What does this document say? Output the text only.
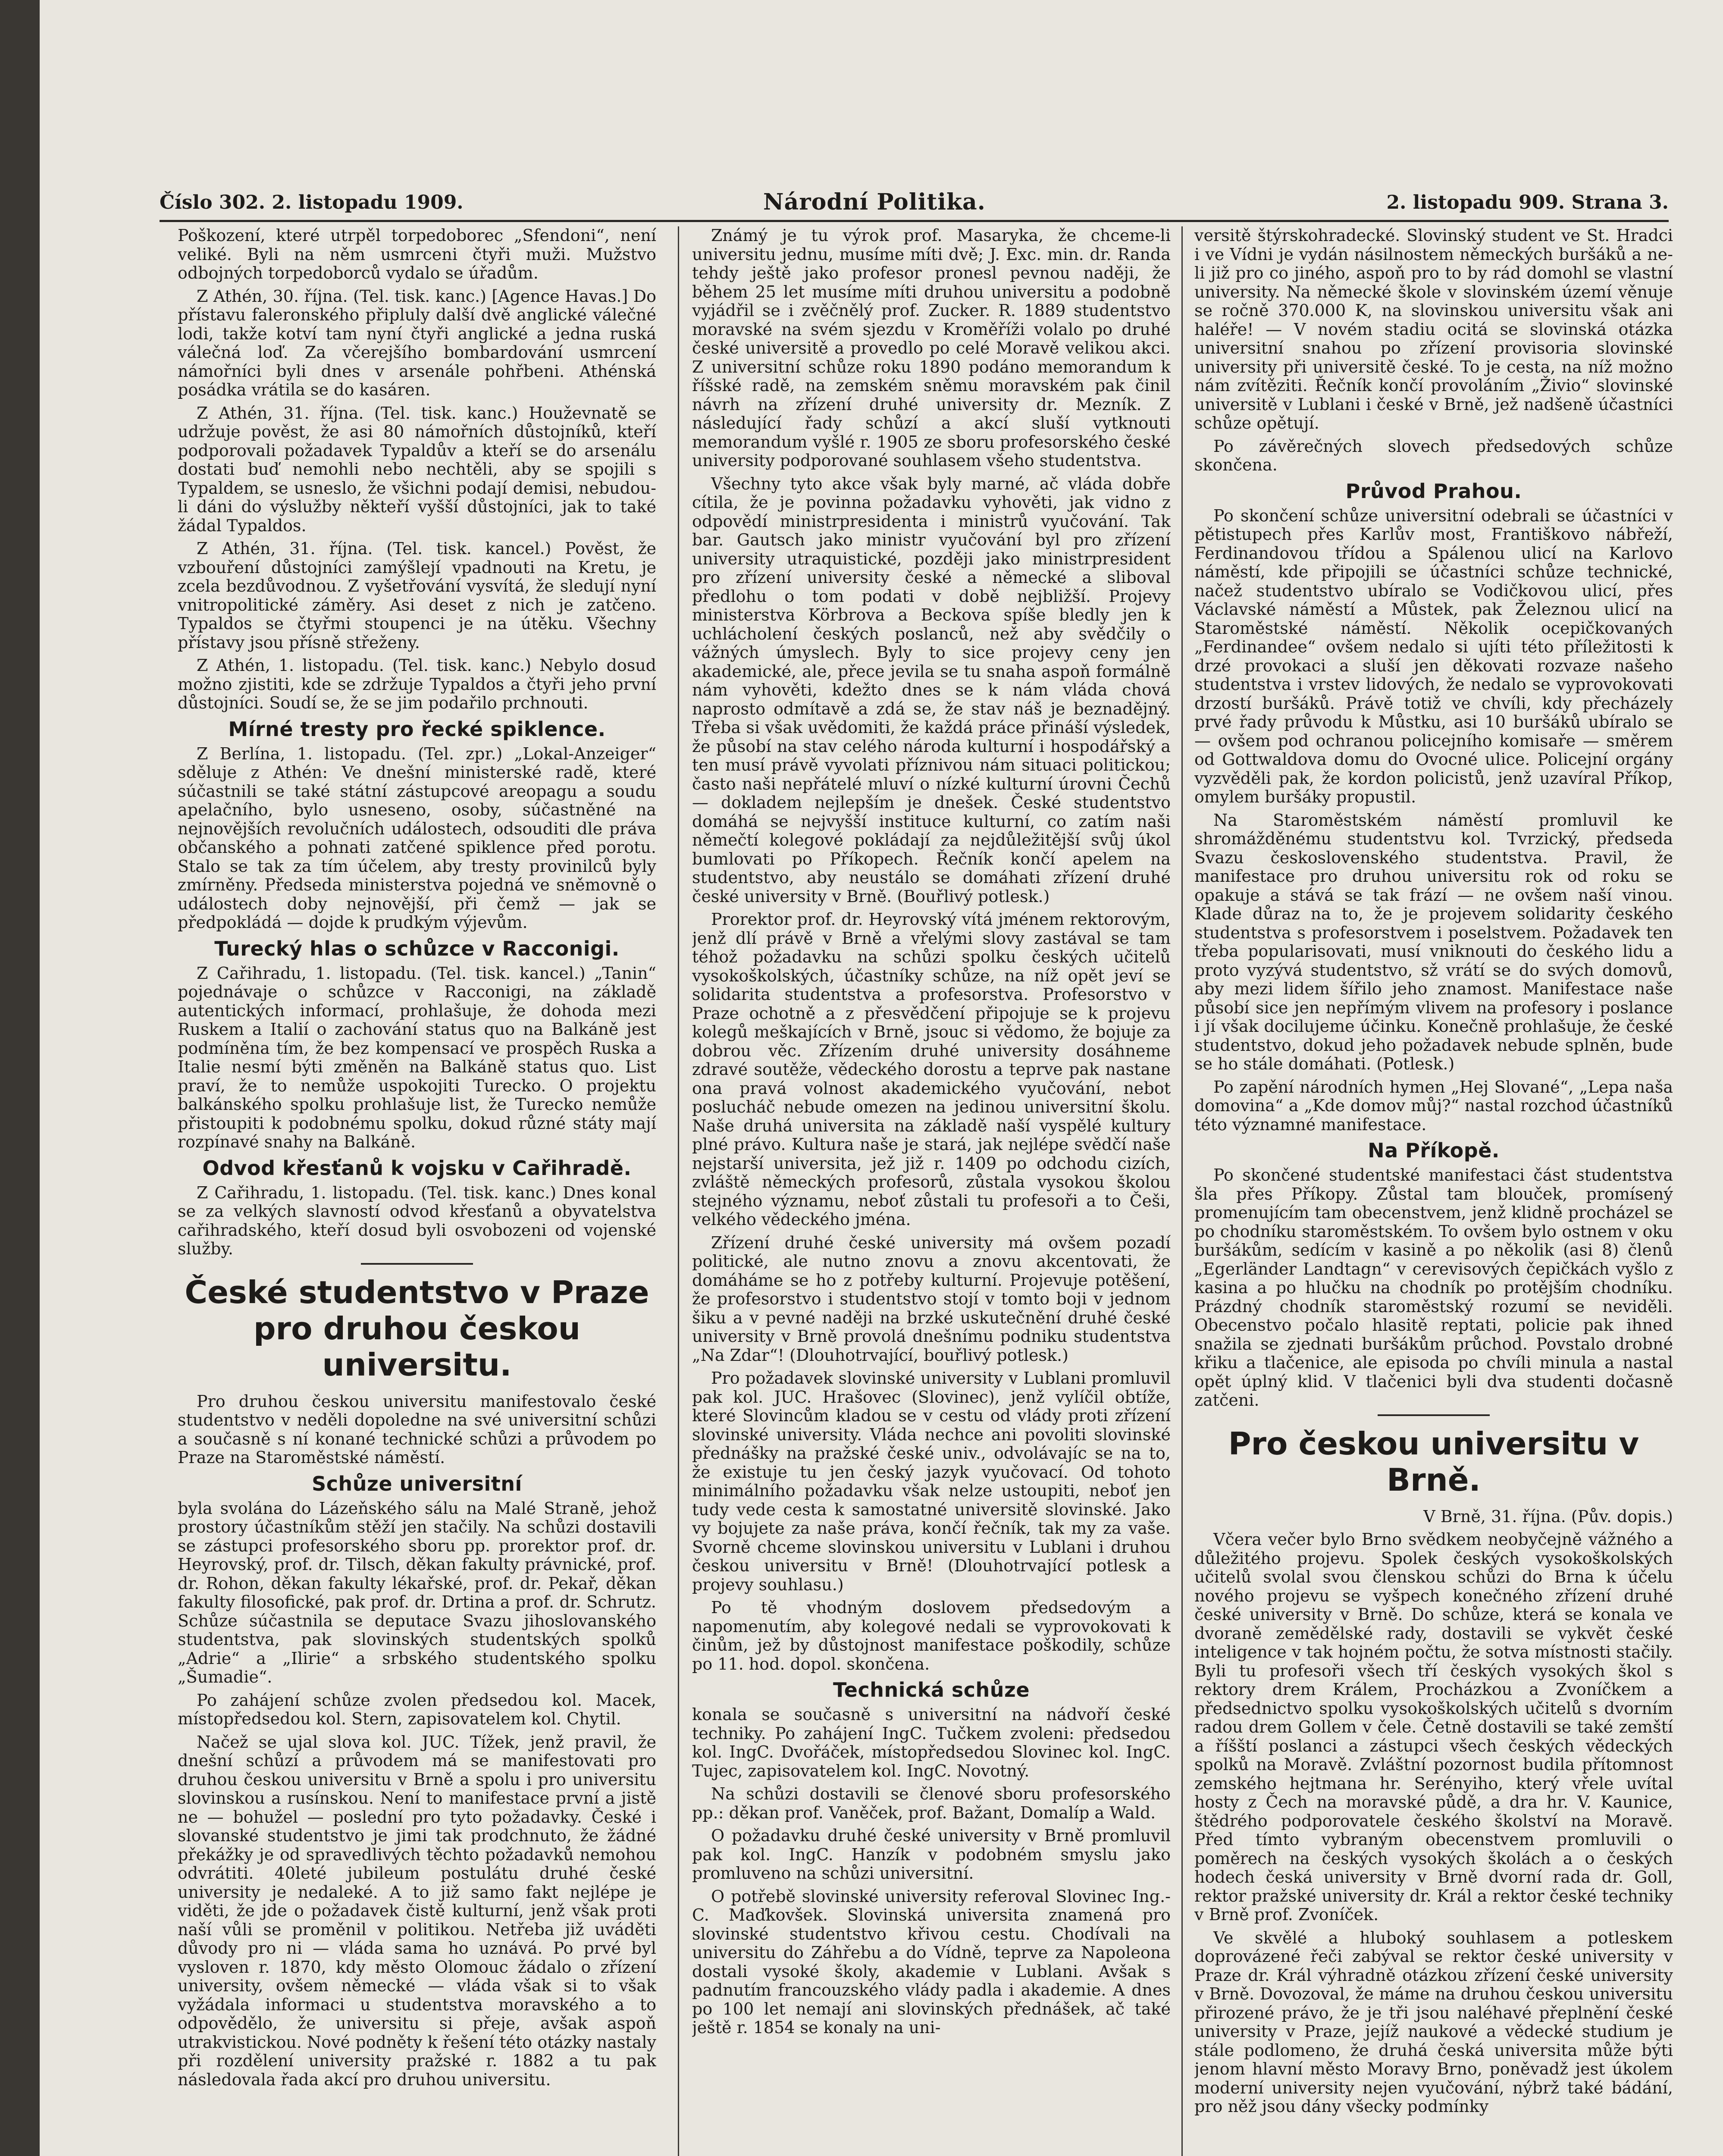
Číslo 302. 2. listopadu 1909.	Národní Politika.	2. listopadu 909. Strana 3.

Poškození, které utrpěl torpedoborec „Sfendoni“, není veliké. Byli na něm usmrceni čtyři muži. Mužstvo odbojných torpedoborců vydalo se úřadům.

Z Athén, 30. října. (Tel. tisk. kanc.) [Agence Havas.] Do přístavu faleronského připluly další dvě anglické válečné lodi, takže kotví tam nyní čtyři anglické a jedna ruská válečná loď. Za včerejšího bombardování usmrcení námořníci byli dnes v arsenále pohřbeni. Athénská posádka vrátila se do kasáren.

Z Athén, 31. října. (Tel. tisk. kanc.) Houževnatě se udržuje pověst, že asi 80 námořních důstojníků, kteří podporovali požadavek Typaldův a kteří se do arsenálu dostati buď nemohli nebo nechtěli, aby se spojili s Typaldem, se usneslo, že všichni podají demisi, nebudou-li dáni do výslužby někteří vyšší důstojníci, jak to také žádal Typaldos.

Z Athén, 31. října. (Tel. tisk. kancel.) Pověst, že vzbouření důstojníci zamýšlejí vpadnouti na Kretu, je zcela bezdůvodnou. Z vyšetřování vysvítá, že sledují nyní vnitropolitické záměry. Asi deset z nich je zatčeno. Typaldos se čtyřmi stoupenci je na útěku. Všechny přístavy jsou přísně střeženy.

Z Athén, 1. listopadu. (Tel. tisk. kanc.) Nebylo dosud možno zjistiti, kde se zdržuje Typaldos a čtyři jeho první důstojníci. Soudí se, že se jim podařilo prchnouti.

Mírné tresty pro řecké spiklence.

Z Berlína, 1. listopadu. (Tel. zpr.) „Lokal-Anzeiger“ sděluje z Athén: Ve dnešní ministerské radě, které súčastnili se také státní zástupcové areopagu a soudu apelačního, bylo usneseno, osoby, súčastněné na nejnovějších revolučních událostech, odsouditi dle práva občanského a pohnati zatčené spiklence před porotu. Stalo se tak za tím účelem, aby tresty provinilců byly zmírněny. Předseda ministerstva pojedná ve sněmovně o událostech doby nejnovější, při čemž — jak se předpokládá — dojde k prudkým výjevům.

Turecký hlas o schůzce v Racconigi.

Z Cařihradu, 1. listopadu. (Tel. tisk. kancel.) „Tanin“ pojednávaje o schůzce v Racconigi, na základě autentických informací, prohlašuje, že dohoda mezi Ruskem a Italií o zachování status quo na Balkáně jest podmíněna tím, že bez kompensací ve prospěch Ruska a Italie nesmí býti změněn na Balkáně status quo. List praví, že to nemůže uspokojiti Turecko. O projektu balkánského spolku prohlašuje list, že Turecko nemůže přistoupiti k podobnému spolku, dokud různé státy mají rozpínavé snahy na Balkáně.

Odvod křesťanů k vojsku v Cařihradě.

Z Cařihradu, 1. listopadu. (Tel. tisk. kanc.) Dnes konal se za velkých slavností odvod křesťanů a obyvatelstva cařihradského, kteří dosud byli osvobozeni od vojenské služby.

České studentstvo v Praze pro druhou českou universitu.

Pro druhou českou universitu manifestovalo české studentstvo v neděli dopoledne na své universitní schůzi a současně s ní konané technické schůzi a průvodem po Praze na Staroměstské náměstí.

Schůze universitní

byla svolána do Lázeňského sálu na Malé Straně, jehož prostory účastníkům stěží jen stačily. Na schůzi dostavili se zástupci profesorského sboru pp. prorektor prof. dr. Heyrovský, prof. dr. Tilsch, děkan fakulty právnické, prof. dr. Rohon, děkan fakulty lékařské, prof. dr. Pekař, děkan fakulty filosofické, pak prof. dr. Drtina a prof. dr. Schrutz. Schůze súčastnila se deputace Svazu jihoslovanského studentstva, pak slovinských studentských spolků „Adrie“ a „Ilirie“ a srbského studentského spolku „Šumadie“.

Po zahájení schůze zvolen předsedou kol. Macek, místopředsedou kol. Stern, zapisovatelem kol. Chytil.

Načež se ujal slova kol. JUC. Tížek, jenž pravil, že dnešní schůzí a průvodem má se manifestovati pro druhou českou universitu v Brně a spolu i pro universitu slovinskou a rusínskou. Není to manifestace první a jistě ne — bohužel — poslední pro tyto požadavky. České i slovanské studentstvo je jimi tak prodchnuto, že žádné překážky je od spravedlivých těchto požadavků nemohou odvrátiti. 40leté jubileum postulátu druhé české university je nedaleké. A to již samo fakt nejlépe je viděti, že jde o požadavek čistě kulturní, jenž však proti naší vůli se proměnil v politikou. Netřeba již uváděti důvody pro ni — vláda sama ho uznává. Po prvé byl vysloven r. 1870, kdy město Olomouc žádalo o zřízení university, ovšem německé — vláda však si to však vyžádala informaci u studentstva moravského a to odpovědělo, že universitu si přeje, avšak aspoň utrakvistickou. Nové podněty k řešení této otázky nastaly při rozdělení university pražské r. 1882 a tu pak následovala řada akcí pro druhou universitu.

Známý je tu výrok prof. Masaryka, že chceme-li universitu jednu, musíme míti dvě; J. Exc. min. dr. Randa tehdy ještě jako profesor pronesl pevnou naději, že během 25 let musíme míti druhou universitu a podobně vyjádřil se i zvěčnělý prof. Zucker. R. 1889 studentstvo moravské na svém sjezdu v Kroměříži volalo po druhé české universitě a provedlo po celé Moravě velikou akci. Z universitní schůze roku 1890 podáno memorandum k říšské radě, na zemském sněmu moravském pak činil návrh na zřízení druhé university dr. Mezník. Z následující řady schůzí a akcí sluší vytknouti memorandum vyšlé r. 1905 ze sboru profesorského české university podporované souhlasem všeho studentstva.

Všechny tyto akce však byly marné, ač vláda dobře cítila, že je povinna požadavku vyhověti, jak vidno z odpovědí ministrpresidenta i ministrů vyučování. Tak bar. Gautsch jako ministr vyučování byl pro zřízení university utraquistické, později jako ministrpresident pro zřízení university české a německé a sliboval předlohu o tom podati v době nejbližší. Projevy ministerstva Körbrova a Beckova spíše bledly jen k uchlácholení českých poslanců, než aby svědčily o vážných úmyslech. Byly to sice projevy ceny jen akademické, ale, přece jevila se tu snaha aspoň formálně nám vyhověti, kdežto dnes se k nám vláda chová naprosto odmítavě a zdá se, že stav náš je beznadějný. Třeba si však uvědomiti, že každá práce přináší výsledek, že působí na stav celého národa kulturní i hospodářský a ten musí právě vyvolati příznivou nám situaci politickou; často naši nepřátelé mluví o nízké kulturní úrovni Čechů — dokladem nejlepším je dnešek. České studentstvo domáhá se nejvyšší instituce kulturní, co zatím naši němečtí kolegové pokládají za nejdůležitější svůj úkol bumlovati po Příkopech. Řečník končí apelem na studentstvo, aby neustálo se domáhati zřízení druhé české university v Brně. (Bouřlivý potlesk.)

Prorektor prof. dr. Heyrovský vítá jménem rektorovým, jenž dlí právě v Brně a vřelými slovy zastával se tam téhož požadavku na schůzi spolku českých učitelů vysokoškolských, účastníky schůze, na níž opět jeví se solidarita studentstva a profesorstva. Profesorstvo v Praze ochotně a z přesvědčení připojuje se k projevu kolegů meškajících v Brně, jsouc si vědomo, že bojuje za dobrou věc. Zřízením druhé university dosáhneme zdravé soutěže, vědeckého dorostu a teprve pak nastane ona pravá volnost akademického vyučování, nebot poslucháč nebude omezen na jedinou universitní školu. Naše druhá universita na základě naší vyspělé kultury plné právo. Kultura naše je stará, jak nejlépe svědčí naše nejstarší universita, jež již r. 1409 po odchodu cizích, zvláště německých profesorů, zůstala vysokou školou stejného významu, neboť zůstali tu profesoři a to Češi, velkého vědeckého jména.

Zřízení druhé české university má ovšem pozadí politické, ale nutno znovu a znovu akcentovati, že domáháme se ho z potřeby kulturní. Projevuje potěšení, že profesorstvo i studentstvo stojí v tomto boji v jednom šiku a v pevné naději na brzké uskutečnění druhé české university v Brně provolá dnešnímu podniku studentstva „Na Zdar“! (Dlouhotrvající, bouřlivý potlesk.)

Pro požadavek slovinské university v Lublani promluvil pak kol. JUC. Hrašovec (Slovinec), jenž vylíčil obtíže, které Slovincům kladou se v cestu od vlády proti zřízení slovinské university. Vláda nechce ani povoliti slovinské přednášky na pražské české univ., odvolávajíc se na to, že existuje tu jen český jazyk vyučovací. Od tohoto minimálního požadavku však nelze ustoupiti, neboť jen tudy vede cesta k samostatné universitě slovinské. Jako vy bojujete za naše práva, končí řečník, tak my za vaše. Svorně chceme slovinskou universitu v Lublani i druhou českou universitu v Brně! (Dlouhotrvající potlesk a projevy souhlasu.)

Po tě vhodným doslovem předsedovým a napomenutím, aby kolegové nedali se vyprovokovati k činům, jež by důstojnost manifestace poškodily, schůze po 11. hod. dopol. skončena.

Technická schůze

konala se současně s universitní na nádvoří české techniky. Po zahájení IngC. Tučkem zvoleni: předsedou kol. IngC. Dvořáček, místopředsedou Slovinec kol. IngC. Tujec, zapisovatelem kol. IngC. Novotný.

Na schůzi dostavili se členové sboru profesorského pp.: děkan prof. Vaněček, prof. Bažant, Domalíp a Wald.

O požadavku druhé české university v Brně promluvil pak kol. IngC. Hanzík v podobném smyslu jako promluveno na schůzi universitní.

O potřebě slovinské university referoval Slovinec Ing.-C. Maďkovšek. Slovinská universita znamená pro slovinské studentstvo křivou cestu. Chodívali na universitu do Záhřebu a do Vídně, teprve za Napoleona dostali vysoké školy, akademie v Lublani. Avšak s padnutím francouzského vlády padla i akademie. A dnes po 100 let nemají ani slovinských přednášek, ač také ještě r. 1854 se konaly na uni-

versitě štýrskohradecké. Slovinský student ve St. Hradci i ve Vídni je vydán násilnostem německých buršáků a ne-li již pro co jiného, aspoň pro to by rád domohl se vlastní university. Na německé škole v slovinském území věnuje se ročně 370.000 K, na slovinskou universitu však ani haléře! — V novém stadiu ocitá se slovinská otázka universitní snahou po zřízení provisoria slovinské university při universitě české. To je cesta, na níž možno nám zvítěziti. Řečník končí provoláním „Živio“ slovinské universitě v Lublani i české v Brně, jež nadšeně účastníci schůze opětují.

Po závěrečných slovech předsedových schůze skončena.

Průvod Prahou.

Po skončení schůze universitní odebrali se účastníci v pětistupech přes Karlův most, Františkovo nábřeží, Ferdinandovou třídou a Spálenou ulicí na Karlovo náměstí, kde připojili se účastníci schůze technické, načež studentstvo ubíralo se Vodičkovou ulicí, přes Václavské náměstí a Můstek, pak Železnou ulicí na Staroměstské náměstí. Několik ocepičkovaných „Ferdinandee“ ovšem nedalo si ujíti této příležitosti k drzé provokaci a sluší jen děkovati rozvaze našeho studentstva i vrstev lidových, že nedalo se vyprovokovati drzostí buršáků. Právě totiž ve chvíli, kdy přecházely prvé řady průvodu k Můstku, asi 10 buršáků ubíralo se — ovšem pod ochranou policejního komisaře — směrem od Gottwaldova domu do Ovocné ulice. Policejní orgány vyzvěděli pak, že kordon policistů, jenž uzavíral Příkop, omylem buršáky propustil.

Na Staroměstském náměstí promluvil ke shromážděnému studentstvu kol. Tvrzický, předseda Svazu československého studentstva. Pravil, že manifestace pro druhou universitu rok od roku se opakuje a stává se tak frází — ne ovšem naší vinou. Klade důraz na to, že je projevem solidarity českého studentstva s profesorstvem i poselstvem. Požadavek ten třeba popularisovati, musí vniknouti do českého lidu a proto vyzývá studentstvo, sž vrátí se do svých domovů, aby mezi lidem šířilo jeho znamost. Manifestace naše působí sice jen nepřímým vlivem na profesory i poslance i jí však docilujeme účinku. Konečně prohlašuje, že české studentstvo, dokud jeho požadavek nebude splněn, bude se ho stále domáhati. (Potlesk.)

Po zapění národních hymen „Hej Slované“, „Lepa naša domovina“ a „Kde domov můj?“ nastal rozchod účastníků této významné manifestace.

Na Příkopě.

Po skončené studentské manifestaci část studentstva šla přes Příkopy. Zůstal tam blouček, promísený promenujícím tam obecenstvem, jenž klidně procházel se po chodníku staroměstském. To ovšem bylo ostnem v oku buršákům, sedícím v kasině a po několik (asi 8) členů „Egerländer Landtagn“ v cerevisových čepičkách vyšlo z kasina a po hlučku na chodník po protějším chodníku. Prázdný chodník staroměstský rozumí se neviděli. Obecenstvo počalo hlasitě reptati, policie pak ihned snažila se zjednati buršákům průchod. Povstalo drobné křiku a tlačenice, ale episoda po chvíli minula a nastal opět úplný klid. V tlačenici byli dva studenti dočasně zatčeni.

Pro českou universitu v Brně.

V Brně, 31. října. (Pův. dopis.)

Včera večer bylo Brno svědkem neobyčejně vážného a důležitého projevu. Spolek českých vysokoškolských učitelů svolal svou členskou schůzi do Brna k účelu nového projevu se vyšpech konečného zřízení druhé české university v Brně. Do schůze, která se konala ve dvoraně zemědělské rady, dostavili se vykvět české inteligence v tak hojném počtu, že sotva místnosti stačily. Byli tu profesoři všech tří českých vysokých škol s rektory drem Králem, Procházkou a Zvoníčkem a předsednictvo spolku vysokoškolských učitelů s dvorním radou drem Gollem v čele. Četně dostavili se také zemští a říšští poslanci a zástupci všech českých vědeckých spolků na Moravě. Zvláštní pozornost budila přítomnost zemského hejtmana hr. Serényiho, který vřele uvítal hosty z Čech na moravské půdě, a dra hr. V. Kaunice, štědrého podporovatele českého školství na Moravě. Před tímto vybraným obecenstvem promluvili o poměrech na českých vysokých školách a o českých hodech česká university v Brně dvorní rada dr. Goll, rektor pražské university dr. Král a rektor české techniky v Brně prof. Zvoníček.

Ve skvělé a hluboký souhlasem a potleskem doprovázené řeči zabýval se rektor české university v Praze dr. Král výhradně otázkou zřízení české university v Brně. Dovozoval, že máme na druhou českou universitu přirozené právo, že je tři jsou naléhavé přeplnění české university v Praze, jejíž naukové a vědecké studium je stále podlomeno, že druhá česká universita může býti jenom hlavní město Moravy Brno, poněvadž jest úkolem moderní university nejen vyučování, nýbrž také bádání, pro něž jsou dány všecky podmínky
